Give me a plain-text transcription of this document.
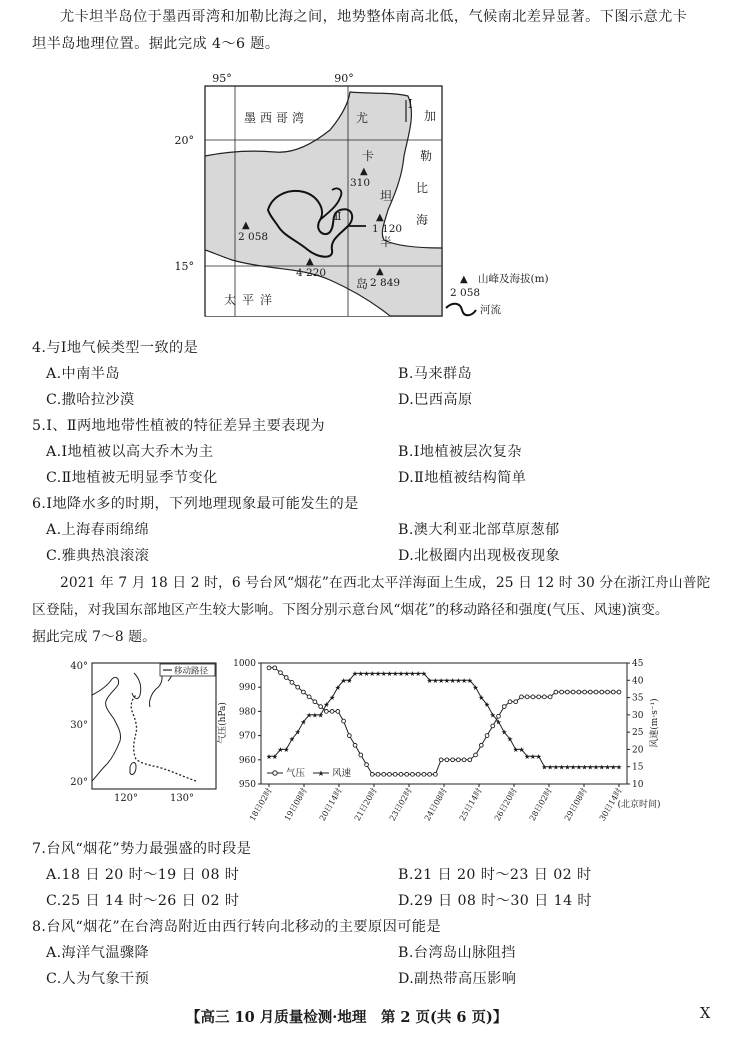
尤卡坦半岛位于墨西哥湾和加勒比海之间，地势整体南高北低，气候南北差异显著。下图示意尤卡
坦半岛地理位置。据此完成 4～6 题。
95°	90°
20°
15°
Ⅰ
Ⅱ
墨西哥湾	加
勒
比
海
太平洋
尤
卡
坦
半
岛
▲
310
▲
2 058
▲
1 120
▲
4 220	▲
2 849	▲ 山峰及海拔(m)
2 058
河流
4.与Ⅰ地气候类型一致的是
A.中南半岛	B.马来群岛
C.撒哈拉沙漠	D.巴西高原
5.Ⅰ、Ⅱ两地地带性植被的特征差异主要表现为
A.Ⅰ地植被以高大乔木为主	B.Ⅰ地植被层次复杂
C.Ⅱ地植被无明显季节变化	D.Ⅱ地植被结构简单
6.Ⅰ地降水多的时期，下列地理现象最可能发生的是
A.上海春雨绵绵	B.澳大利亚北部草原葱郁
C.雅典热浪滚滚	D.北极圈内出现极夜现象
2021 年 7 月 18 日 2 时，6 号台风“烟花”在西北太平洋海面上生成，25 日 12 时 30 分在浙江舟山普陀
区登陆，对我国东部地区产生较大影响。下图分别示意台风“烟花”的移动路径和强度(气压、风速)演变。
据此完成 7～8 题。
40°
30°
20°
移动路径
120°	130°
气压(hPa)	风速(m·s⁻¹)
(北京时间)
950
960
970
980
990
1000
10
15
20
25
30
35
40
45
18日02时 19日08时 20日14时 21日20时 23日02时 24日08时 25日14时 26日20时 28日02时 29日08时 30日14时
★ ★
★ ★
★
★
★
★ ★ ★
★
★
★
★ ★
★ ★ ★ ★ ★ ★ ★ ★ ★ ★ ★ ★ ★
★ ★ ★ ★ ★ ★ ★ ★
★
★
★
★
★
★
★
★ ★
★ ★ ★
★ ★ ★ ★ ★ ★ ★ ★ ★ ★ ★ ★ ★ ★
气压 ★ 风速
7.台风“烟花”势力最强盛的时段是
A.18 日 20 时～19 日 08 时	B.21 日 20 时～23 日 02 时
C.25 日 14 时～26 日 02 时	D.29 日 08 时～30 日 14 时
8.台风“烟花”在台湾岛附近由西行转向北移动的主要原因可能是
A.海洋气温骤降	B.台湾岛山脉阻挡
C.人为气象干预	D.副热带高压影响
【高三 10 月质量检测·地理　第 2 页(共 6 页)】	X
